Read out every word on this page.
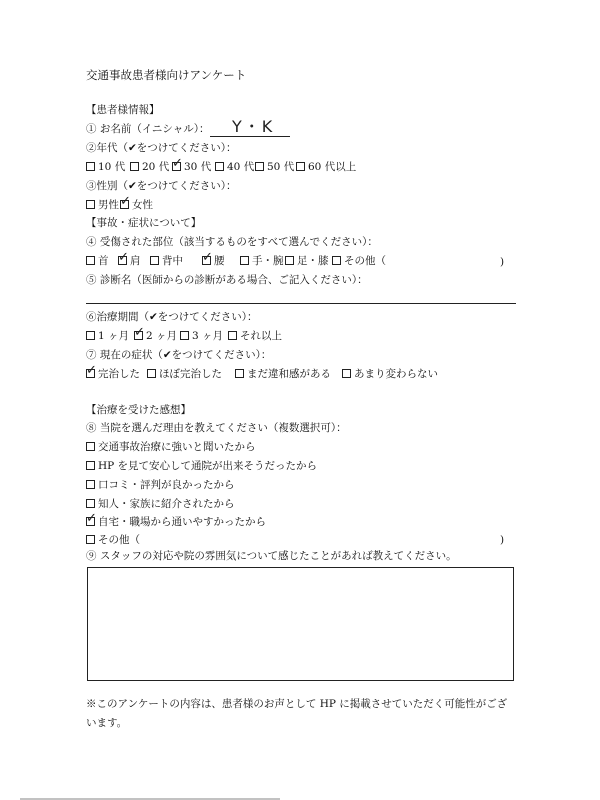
交通事故患者様向けアンケート
【患者様情報】
① お名前（イニシャル）： Y・K
②年代（✔をつけてください）：
10 代	20 代 ✓ 30 代	40 代	50 代	60 代以上
③性別（✔をつけてください）：
男性 ✓ 女性
【事故・症状について】
④ 受傷された部位（該当するものをすべて選んでください）：
首 ✓ 肩	背中 ✓ 腰	手・腕	足・膝	その他（	)
⑤ 診断名（医師からの診断がある場合、ご記入ください）：
⑥治療期間（✔をつけてください）：
1 ヶ月 ✓ 2 ヶ月	3 ヶ月	それ以上
⑦ 現在の症状（✔をつけてください）：
✓ 完治した	ほぼ完治した	まだ違和感がある	あまり変わらない
【治療を受けた感想】
⑧ 当院を選んだ理由を教えてください（複数選択可）：
交通事故治療に強いと聞いたから
HP を見て安心して通院が出来そうだったから
口コミ・評判が良かったから
知人・家族に紹介されたから
✓ 自宅・職場から通いやすかったから
その他（	)
⑨ スタッフの対応や院の雰囲気について感じたことがあれば教えてください。
※このアンケートの内容は、患者様のお声として HP に掲載させていただく可能性がござ
います。
